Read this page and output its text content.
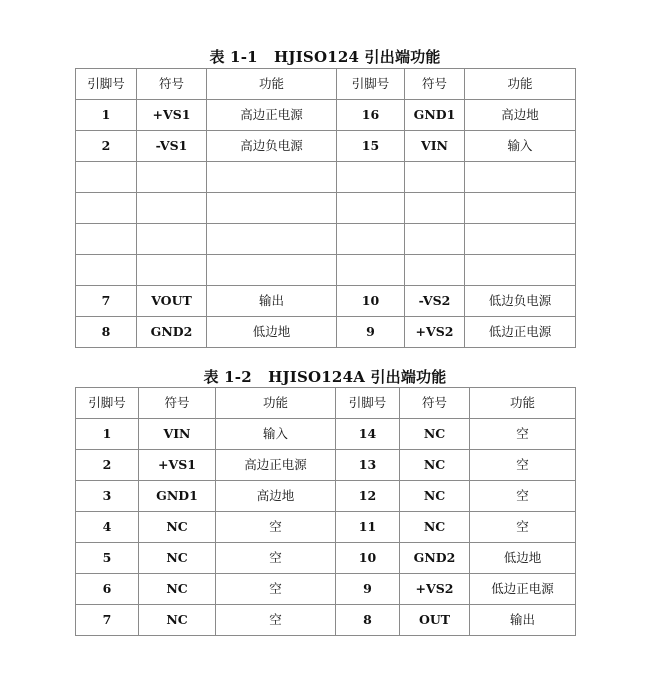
表 1-1   HJISO124 引出端功能
引脚号	符号	功能	引脚号	符号	功能
1	+VS1	高边正电源	16	GND1	高边地
2	-VS1	高边负电源	15	VIN	输入

7	VOUT	输出	10	-VS2	低边负电源
8	GND2	低边地	9	+VS2	低边正电源
表 1-2   HJISO124A 引出端功能
引脚号	符号	功能	引脚号	符号	功能
1	VIN	输入	14	NC	空
2	+VS1	高边正电源	13	NC	空
3	GND1	高边地	12	NC	空
4	NC	空	11	NC	空
5	NC	空	10	GND2	低边地
6	NC	空	9	+VS2	低边正电源
7	NC	空	8	OUT	输出
